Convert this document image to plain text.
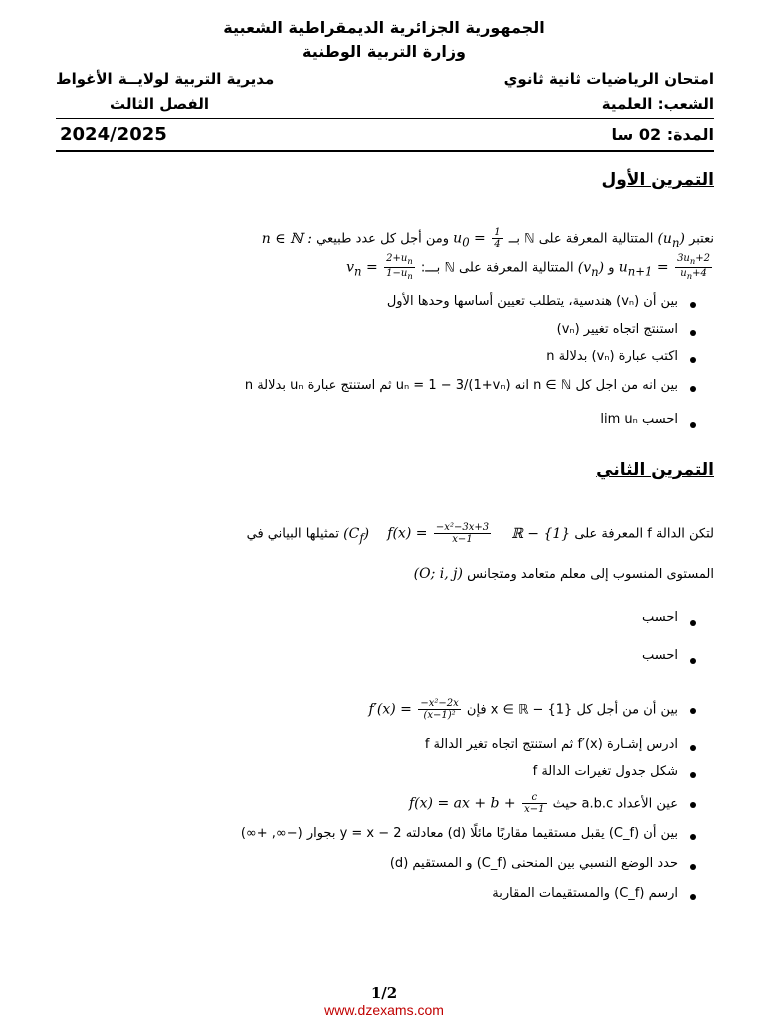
الجمهورية الجزائرية الديمقراطية الشعبية
وزارة التربية الوطنية
امتحان الرياضيات ثانية ثانوي
مديرية التربية لولايــة الأغواط
الشعب: العلمية
الفصل الثالث
المدة: 02 سا
2024/2025
التمرين الأول
نعتبر $(u_n)$ المتتالية المعرفة على ℕ بــ $u_0 = \frac{1}{4}$
ومن أجل كل عدد طبيعي n ∈ ℕ :
$u_{n+1} = \frac{3u_n+2}{u_n+4}$
و $(v_n)$ المتتالية المعرفة على ℕ بـــ: $v_n = \frac{2+u_n}{1-u_n}$
بين أن (vₙ) هندسية، يتطلب تعيين أساسها وحدها الأول
استنتج اتجاه تغيير (vₙ)
اكتب عبارة (vₙ) بدلالة n
بين انه من اجل كل n ∈ ℕ انه uₙ = 1 − 3/(1+vₙ) ثم استنتج عبارة uₙ بدلالة n
احسب lim uₙ
التمرين الثاني
لتكن الدالة f المعرفة على ℝ − {1} $f(x) = \frac{\text{−x²−3x+3}}{x-1}$
$(C_f)$ تمثيلها البياني في
المستوى المنسوب إلى معلم متعامد ومتجانس (O; i, j)
احسب
احسب
بين أن من أجل كل x ∈ ℝ − {1} فإن $f'(x) = \frac{\text{−x²−2x}}{\text{(x−1)²}}$
ادرس إشـارة f′(x) ثم استنتج اتجاه تغير الدالة f
شكل جدول تغيرات الدالة f
عين الأعداد a.b.c حيث f(x) = ax + $b + \frac{c}{x-1}$
بين أن (C_f) يقبل مستقيما مقاربًا مائلًا (d) معادلته y = x − 2 بجوار (−∞, +∞)
حدد الوضع النسبي بين المنحنى (C_f) و المستقيم (d)
ارسم (C_f) والمستقيمات المقاربة
1/2
www.dzexams.com
